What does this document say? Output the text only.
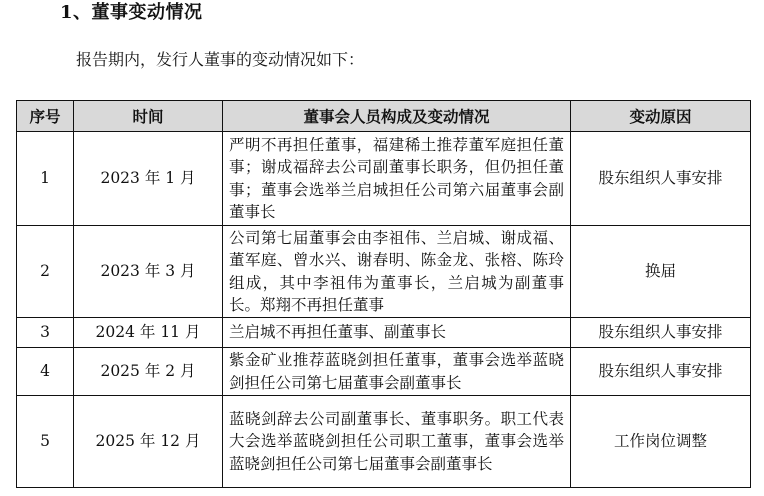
1、董事变动情况
报告期内，发行人董事的变动情况如下：
序号	时间	董事会人员构成及变动情况	变动原因
1	2023 年 1 月	严明不再担任董事，福建稀土推荐董军庭担任董事；谢成福辞去公司副董事长职务，但仍担任董事；董事会选举兰启城担任公司第六届董事会副董事长	股东组织人事安排
2	2023 年 3 月	公司第七届董事会由李祖伟、兰启城、谢成福、董军庭、曾水兴、谢春明、陈金龙、张榕、陈玲组成，其中李祖伟为董事长，兰启城为副董事长。郑翔不再担任董事	换届
3	2024 年 11 月	兰启城不再担任董事、副董事长	股东组织人事安排
4	2025 年 2 月	紫金矿业推荐蓝晓剑担任董事，董事会选举蓝晓剑担任公司第七届董事会副董事长	股东组织人事安排
5	2025 年 12 月	蓝晓剑辞去公司副董事长、董事职务。职工代表大会选举蓝晓剑担任公司职工董事，董事会选举蓝晓剑担任公司第七届董事会副董事长	工作岗位调整
